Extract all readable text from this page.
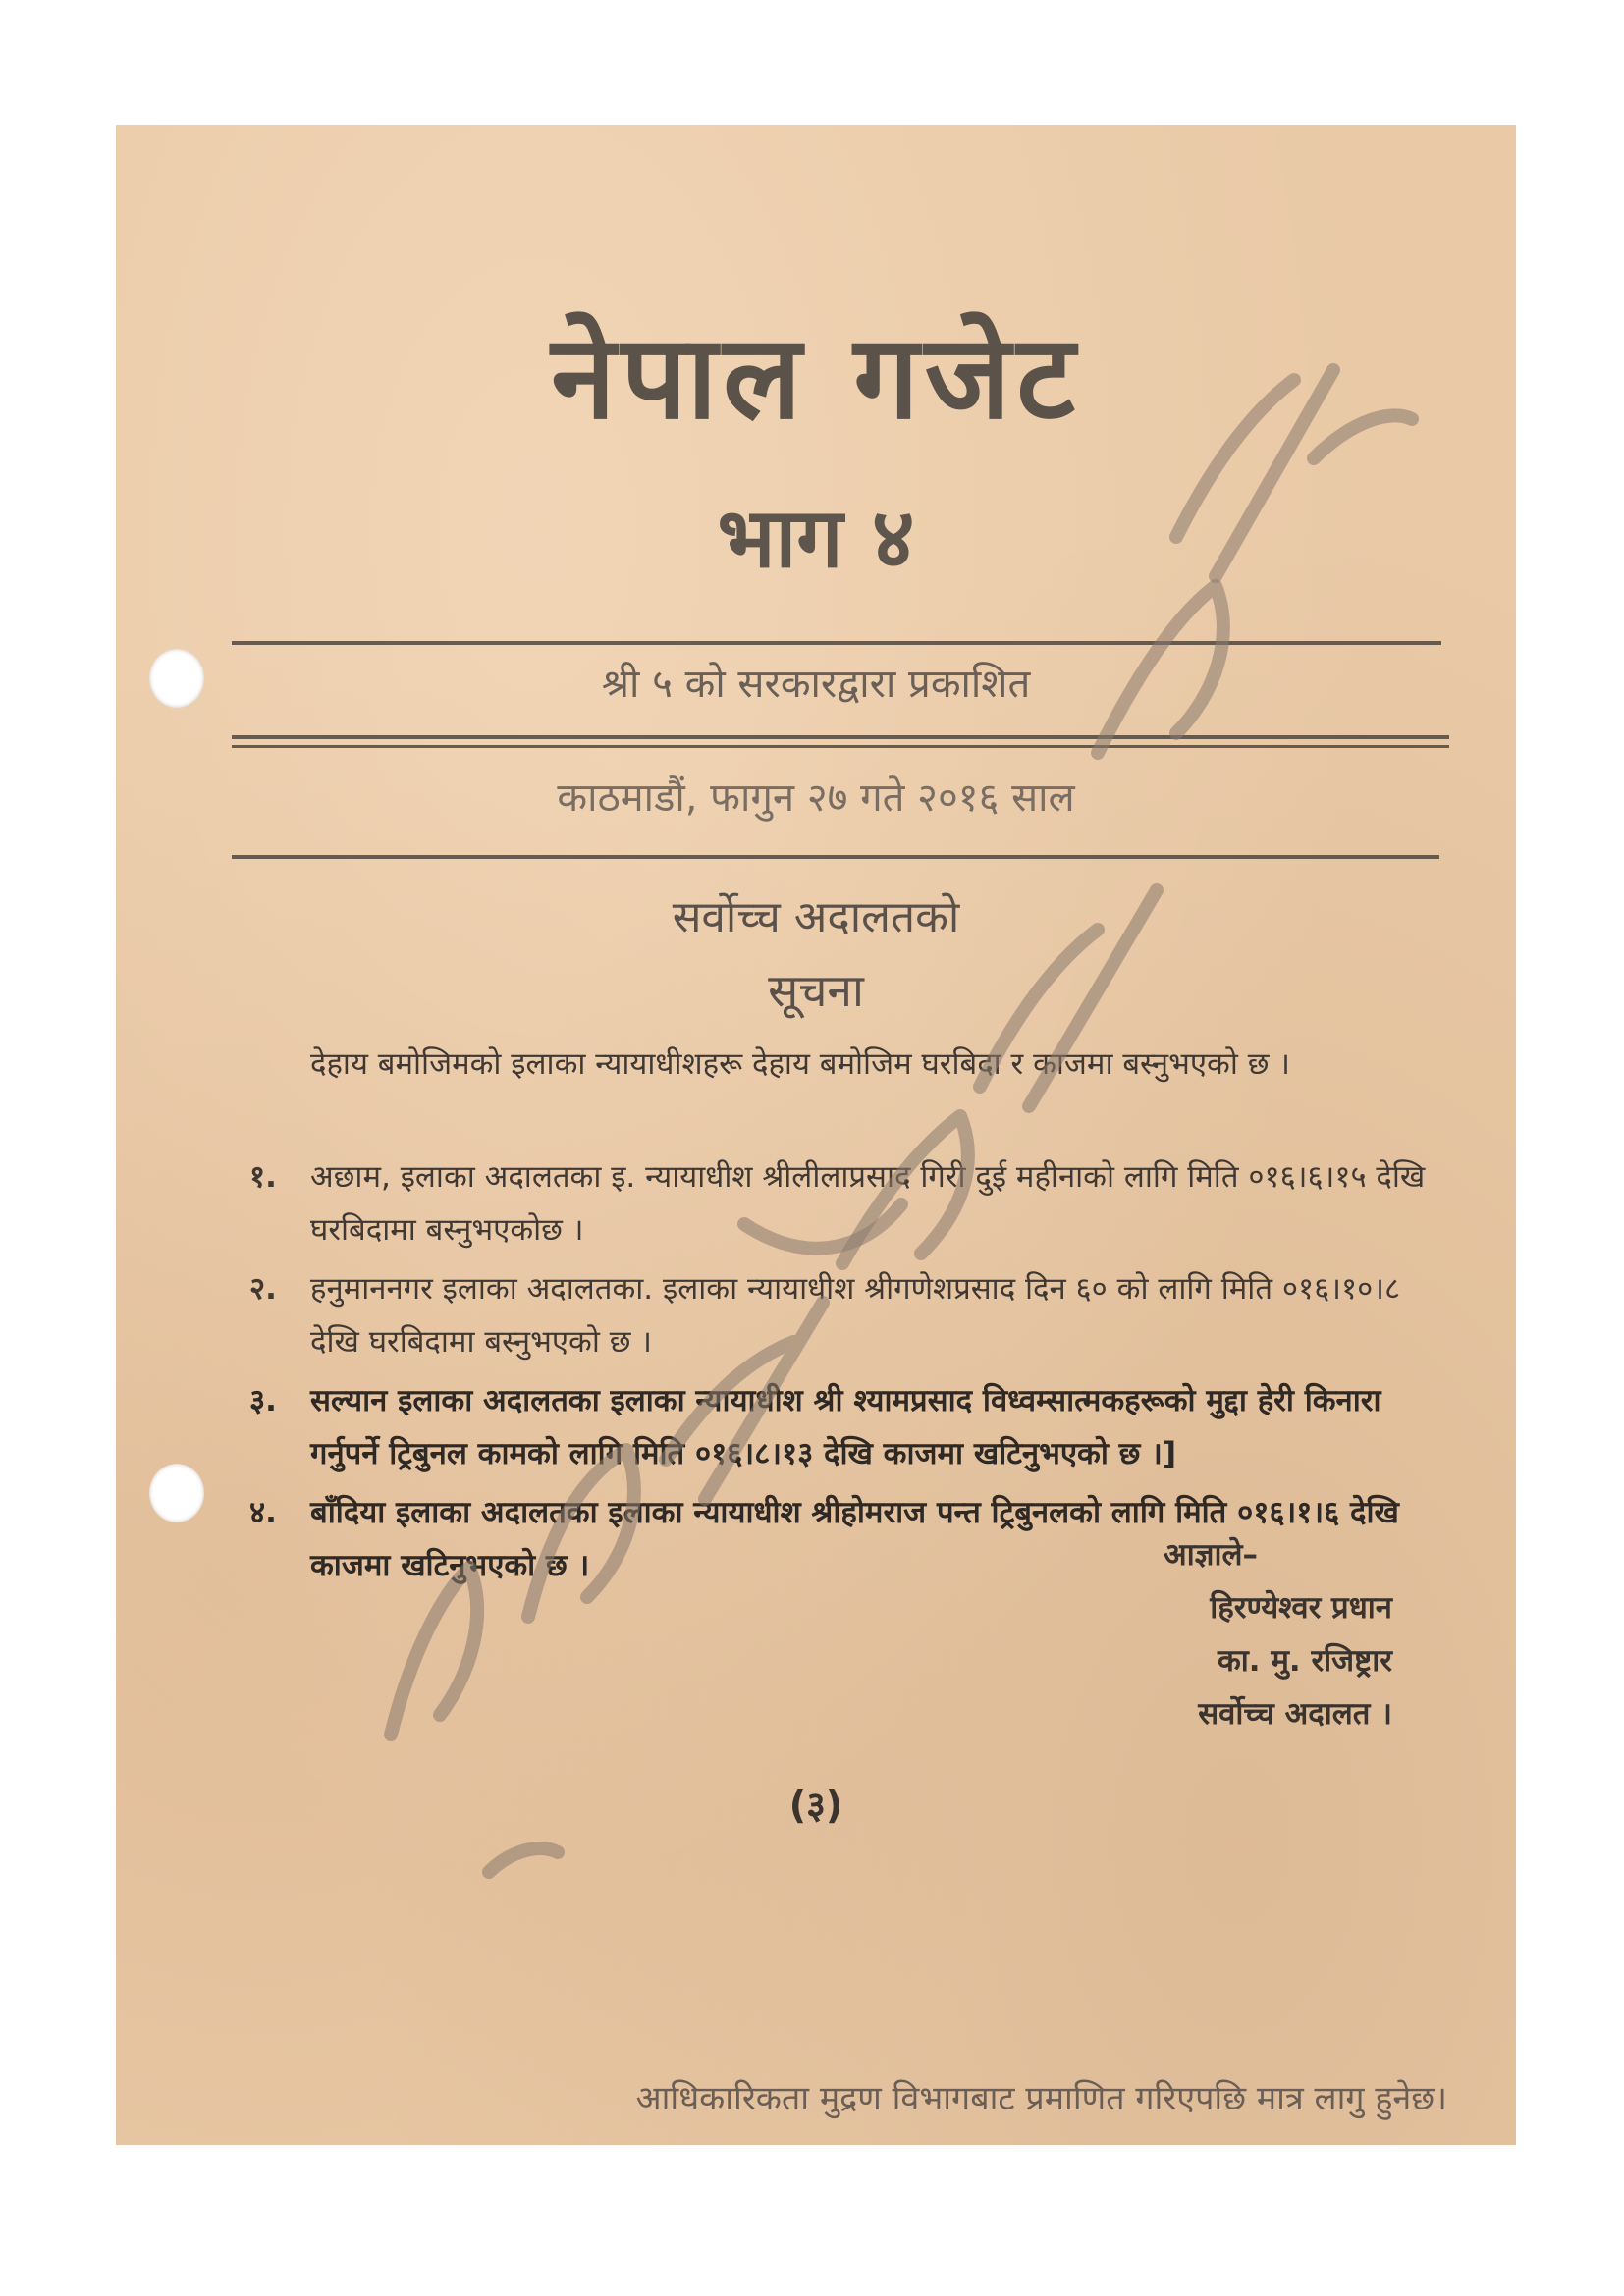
नेपाल गजेट
भाग ४
श्री ५ को सरकारद्वारा प्रकाशित
काठमाडौं, फागुन २७ गते २०१६ साल
सर्वोच्च अदालतको
सूचना
देहाय बमोजिमको इलाका न्यायाधीशहरू देहाय बमोजिम घरबिदा र काजमा बस्नुभएको छ ।
१. अछाम, इलाका अदालतका इ. न्यायाधीश श्रीलीलाप्रसाद गिरी दुई महीनाको लागि मिति ०१६।६।१५ देखि घरबिदामा बस्नुभएकोछ ।
२. हनुमाननगर इलाका अदालतका. इलाका न्यायाधीश श्रीगणेशप्रसाद दिन ६० को लागि मिति ०१६।१०।८ देखि घरबिदामा बस्नुभएको छ ।
३. सल्यान इलाका अदालतका इलाका न्यायाधीश श्री श्यामप्रसाद विध्वम्सात्मकहरूको मुद्दा हेरी किनारा गर्नुपर्ने ट्रिबुनल कामको लागि मिति ०१६।८।१३ देखि काजमा खटिनुभएको छ ।]
४. बाँदिया इलाका अदालतका इलाका न्यायाधीश श्रीहोमराज पन्त ट्रिबुनलको लागि मिति ०१६।१।६ देखि काजमा खटिनुभएको छ ।	आज्ञाले–
हिरण्येश्वर प्रधान
का. मु. रजिष्ट्रार
सर्वोच्च अदालत ।
(३)
आधिकारिकता मुद्रण विभागबाट प्रमाणित गरिएपछि मात्र लागु हुनेछ।
